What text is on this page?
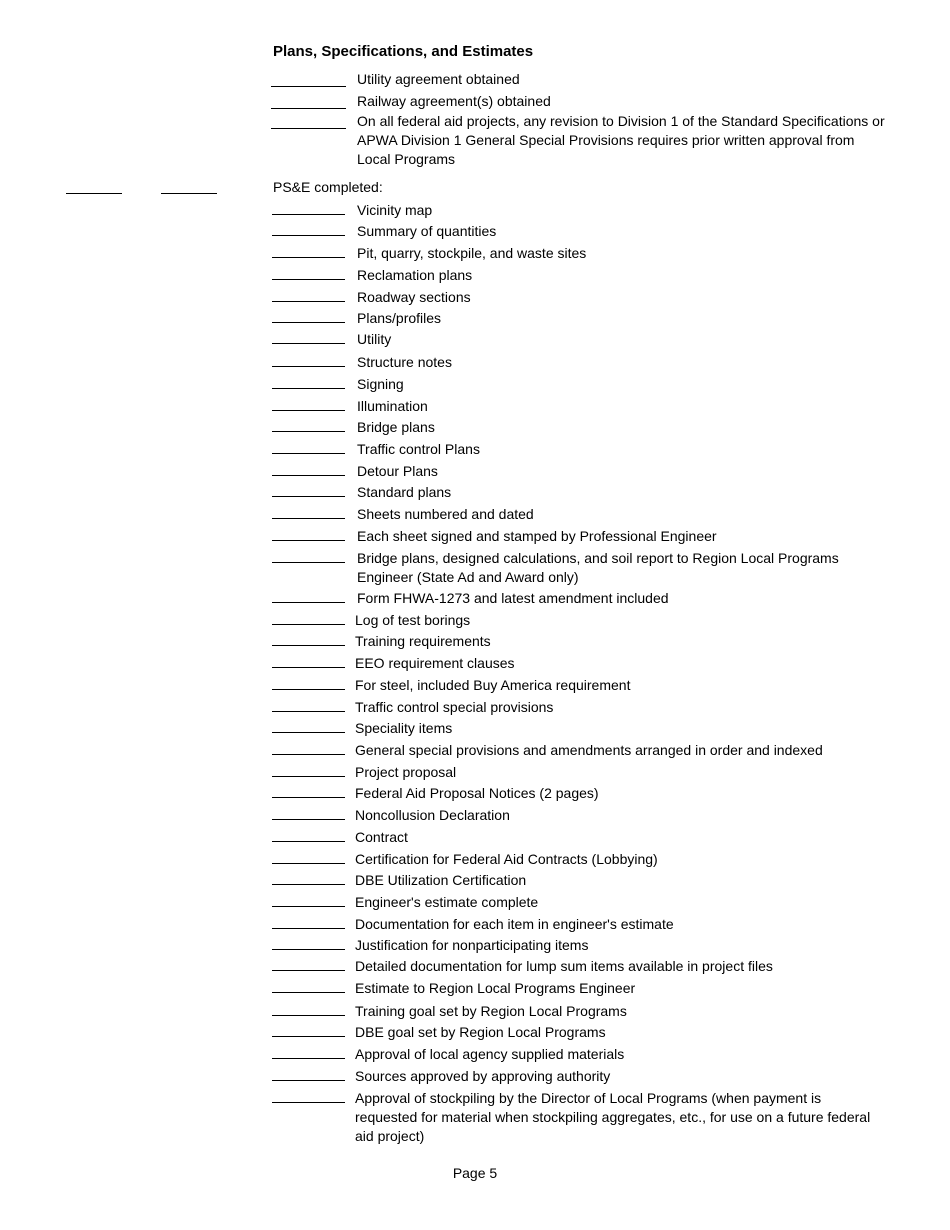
Plans, Specifications, and Estimates
Utility agreement obtained
Railway agreement(s) obtained
On all federal aid projects, any revision to Division 1 of the Standard Specifications or APWA Division 1 General Special Provisions requires prior written approval from Local Programs
PS&E completed:
Vicinity map
Summary of quantities
Pit, quarry, stockpile, and waste sites
Reclamation plans
Roadway sections
Plans/profiles
Utility
Structure notes
Signing
Illumination
Bridge plans
Traffic control Plans
Detour Plans
Standard plans
Sheets numbered and dated
Each sheet signed and stamped by Professional Engineer
Bridge plans, designed calculations, and soil report to Region Local Programs Engineer (State Ad and Award only)
Form FHWA-1273 and latest amendment included
Log of test borings
Training requirements
EEO requirement clauses
For steel, included Buy America requirement
Traffic control special provisions
Speciality items
General special provisions and amendments arranged in order and indexed
Project proposal
Federal Aid Proposal Notices (2 pages)
Noncollusion Declaration
Contract
Certification for Federal Aid Contracts (Lobbying)
DBE Utilization Certification
Engineer's estimate complete
Documentation for each item in engineer's estimate
Justification for nonparticipating items
Detailed documentation for lump sum items available in project files
Estimate to Region Local Programs Engineer
Training goal set by Region Local Programs
DBE goal set by Region Local Programs
Approval of local agency supplied materials
Sources approved by approving authority
Approval of stockpiling by the Director of Local Programs (when payment is requested for material when stockpiling aggregates, etc., for use on a future federal aid project)
Page 5
